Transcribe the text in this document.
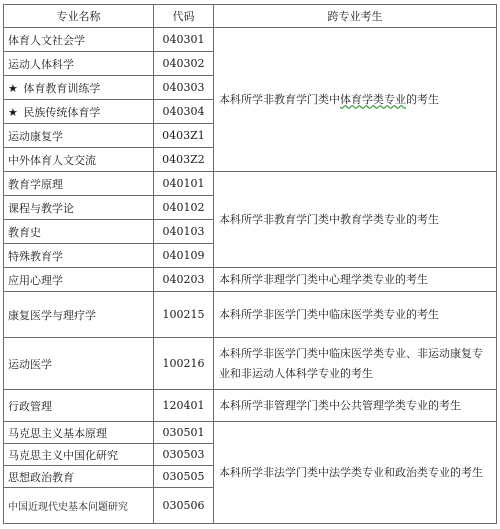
专业名称	代码	跨专业考生
体育人文社会学	040301	本科所学非教育学门类中体育学类专业的考生
运动人体科学	040302	
★ 体育教育训练学	040303	
★ 民族传统体育学	040304	
运动康复学	0403Z1	
中外体育人文交流	0403Z2	
教育学原理	040101	本科所学非教育学门类中教育学类专业的考生
课程与教学论	040102	
教育史	040103	
特殊教育学	040109	
应用心理学	040203	本科所学非理学门类中心理学类专业的考生
康复医学与理疗学	100215	本科所学非医学门类中临床医学类专业的考生
运动医学	100216	本科所学非医学门类中临床医学类专业、非运动康复专业和非运动人体科学专业的考生
行政管理	120401	本科所学非管理学门类中公共管理学类专业的考生
马克思主义基本原理	030501	本科所学非法学门类中法学类专业和政治类专业的考生
马克思主义中国化研究	030503	
思想政治教育	030505	
中国近现代史基本问题研究	030506	
